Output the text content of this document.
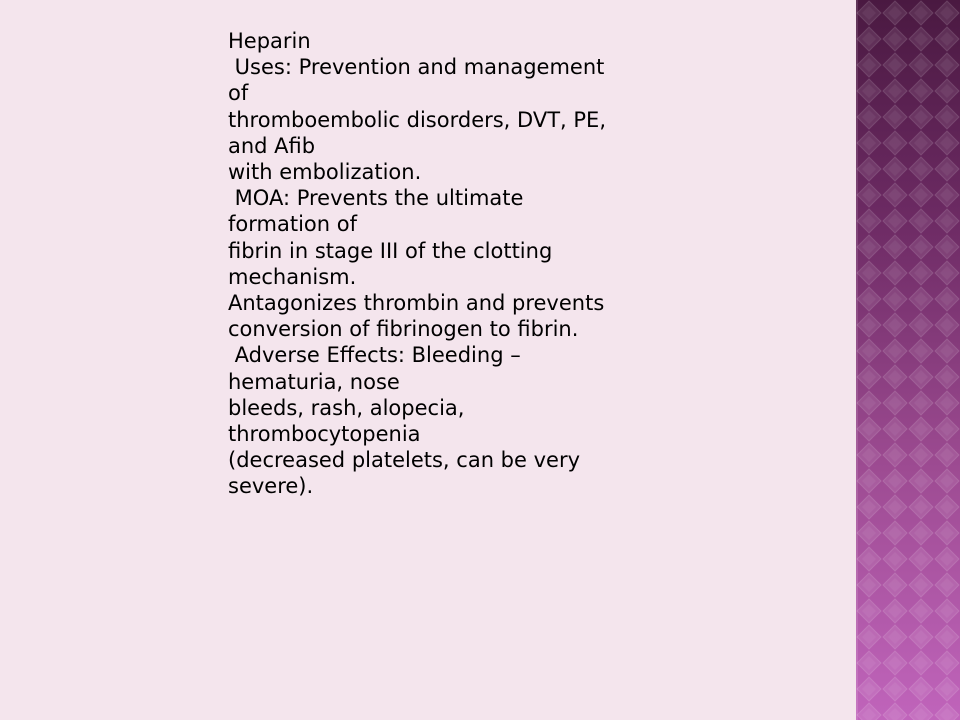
Heparin
Uses: Prevention and management
of
thromboembolic disorders, DVT, PE,
and Afib
with embolization.
MOA: Prevents the ultimate
formation of
fibrin in stage III of the clotting
mechanism.
Antagonizes thrombin and prevents
conversion of fibrinogen to fibrin.
Adverse Effects: Bleeding –
hematuria, nose
bleeds, rash, alopecia,
thrombocytopenia
(decreased platelets, can be very
severe).
